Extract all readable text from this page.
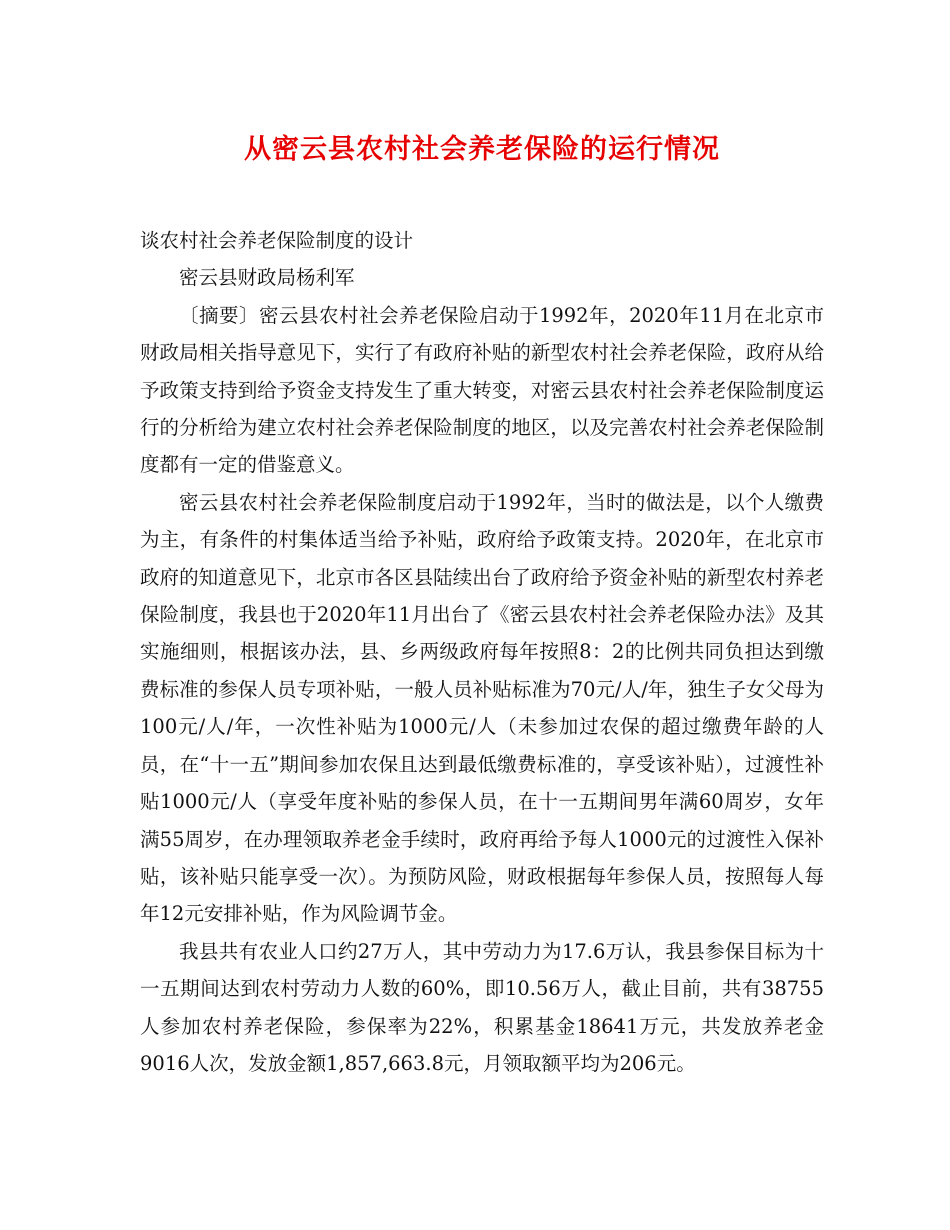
从密云县农村社会养老保险的运行情况

谈农村社会养老保险制度的设计

密云县财政局杨利军

〔摘要〕密云县农村社会养老保险启动于1992年，2020年11月在北京市财政局相关指导意见下，实行了有政府补贴的新型农村社会养老保险，政府从给予政策支持到给予资金支持发生了重大转变，对密云县农村社会养老保险制度运行的分析给为建立农村社会养老保险制度的地区，以及完善农村社会养老保险制度都有一定的借鉴意义。

密云县农村社会养老保险制度启动于1992年，当时的做法是，以个人缴费为主，有条件的村集体适当给予补贴，政府给予政策支持。2020年，在北京市政府的知道意见下，北京市各区县陆续出台了政府给予资金补贴的新型农村养老保险制度，我县也于2020年11月出台了《密云县农村社会养老保险办法》及其实施细则，根据该办法，县、乡两级政府每年按照8：2的比例共同负担达到缴费标准的参保人员专项补贴，一般人员补贴标准为70元/人/年，独生子女父母为100元/人/年，一次性补贴为1000元/人（未参加过农保的超过缴费年龄的人员，在“十一五”期间参加农保且达到最低缴费标准的，享受该补贴），过渡性补贴1000元/人（享受年度补贴的参保人员，在十一五期间男年满60周岁，女年满55周岁，在办理领取养老金手续时，政府再给予每人1000元的过渡性入保补贴，该补贴只能享受一次）。为预防风险，财政根据每年参保人员，按照每人每年12元安排补贴，作为风险调节金。

我县共有农业人口约27万人，其中劳动力为17.6万认，我县参保目标为十一五期间达到农村劳动力人数的60%，即10.56万人，截止目前，共有38755人参加农村养老保险，参保率为22%，积累基金18641万元，共发放养老金9016人次，发放金额1,857,663.8元，月领取额平均为206元。
